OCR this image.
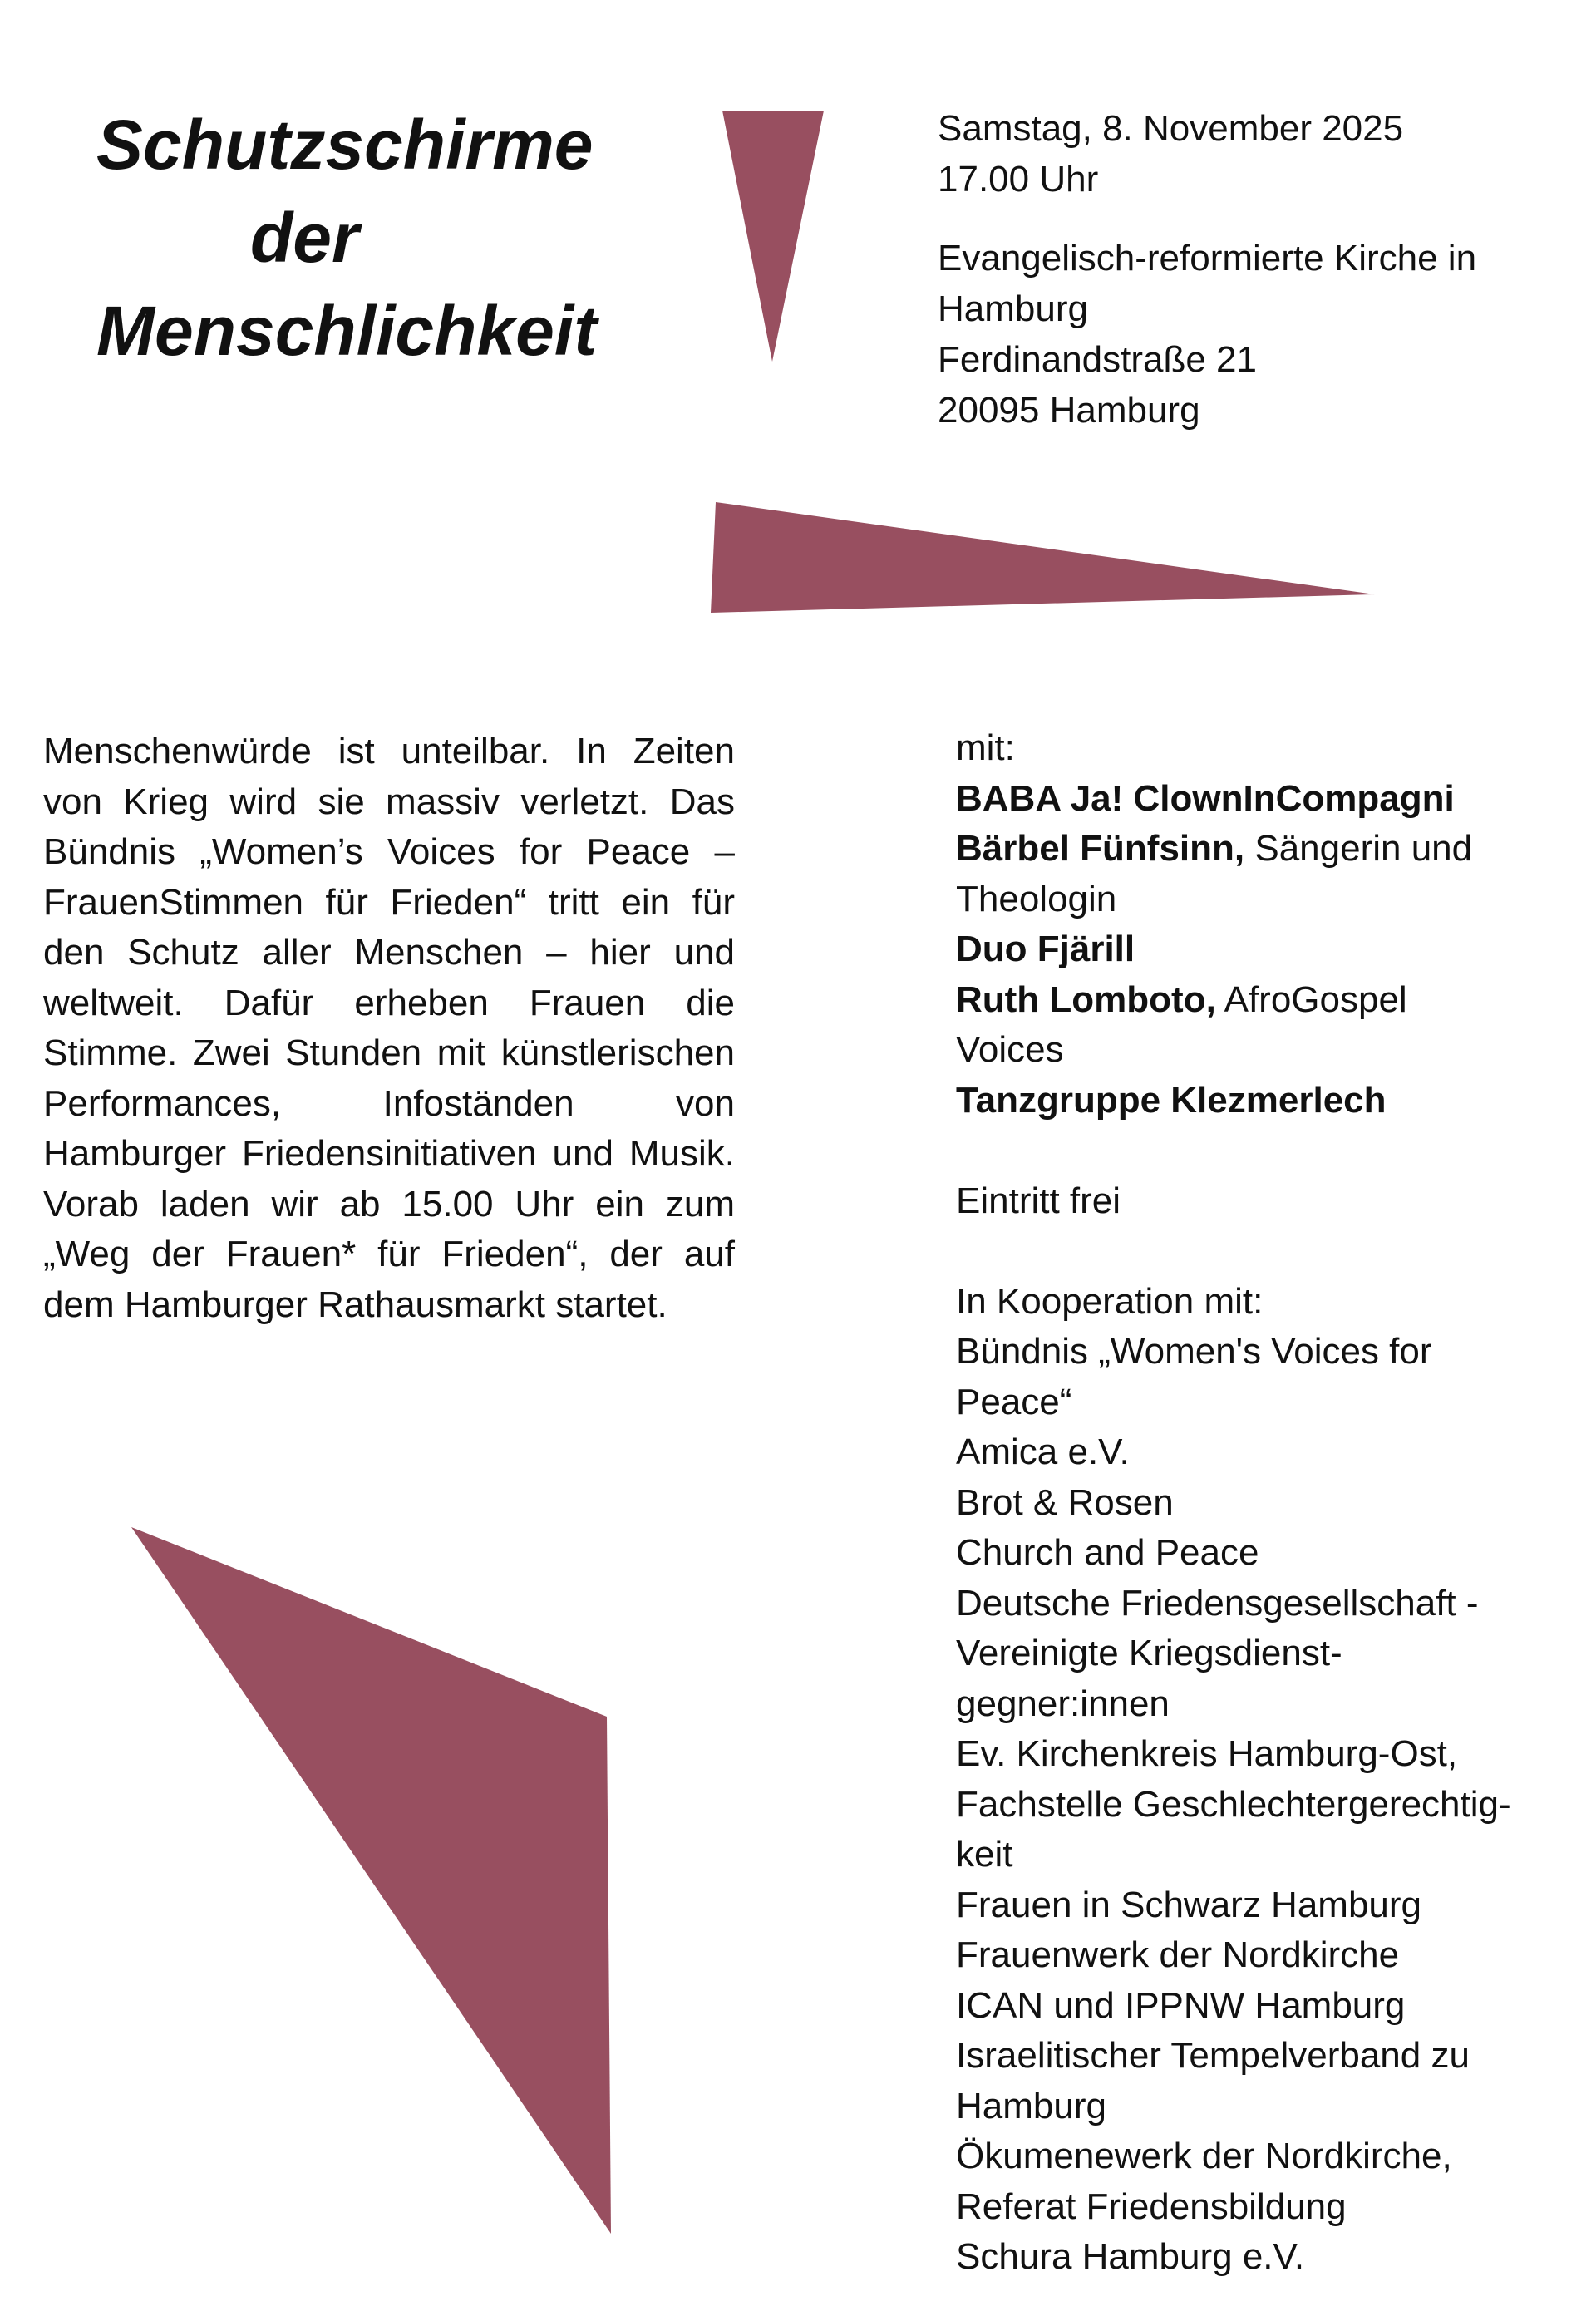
Schutzschirme
der
Menschlichkeit
Samstag, 8. November 2025
17.00 Uhr
Evangelisch-reformierte Kirche in
Hamburg
Ferdinandstraße 21
20095 Hamburg

Menschenwürde ist unteilbar. In Zeiten von Krieg wird sie massiv verletzt. Das Bündnis „Women’s Voices for Peace – FrauenStimmen für Frieden“ tritt ein für den Schutz aller Menschen – hier und weltweit. Dafür erheben Frauen die Stimme. Zwei Stunden mit künstlerischen Performances, Infoständen von Hamburger Friedensinitiativen und Musik. Vorab laden wir ab 15.00 Uhr ein zum „Weg der Frauen* für Frieden“, der auf dem Hamburger Rathausmarkt startet.

mit:
BABA Ja! ClownInCompagni
Bärbel Fünfsinn, Sängerin und
Theologin
Duo Fjärill
Ruth Lomboto, AfroGospel
Voices
Tanzgruppe Klezmerlech
Eintritt frei
In Kooperation mit:
Bündnis „Women's Voices for
Peace“
Amica e.V.
Brot & Rosen
Church and Peace
Deutsche Friedensgesellschaft -
Vereinigte Kriegsdienst-
gegner:innen
Ev. Kirchenkreis Hamburg-Ost,
Fachstelle Geschlechtergerechtig-
keit
Frauen in Schwarz Hamburg
Frauenwerk der Nordkirche
ICAN und IPPNW Hamburg
Israelitischer Tempelverband zu
Hamburg
Ökumenewerk der Nordkirche,
Referat Friedensbildung
Schura Hamburg e.V.
